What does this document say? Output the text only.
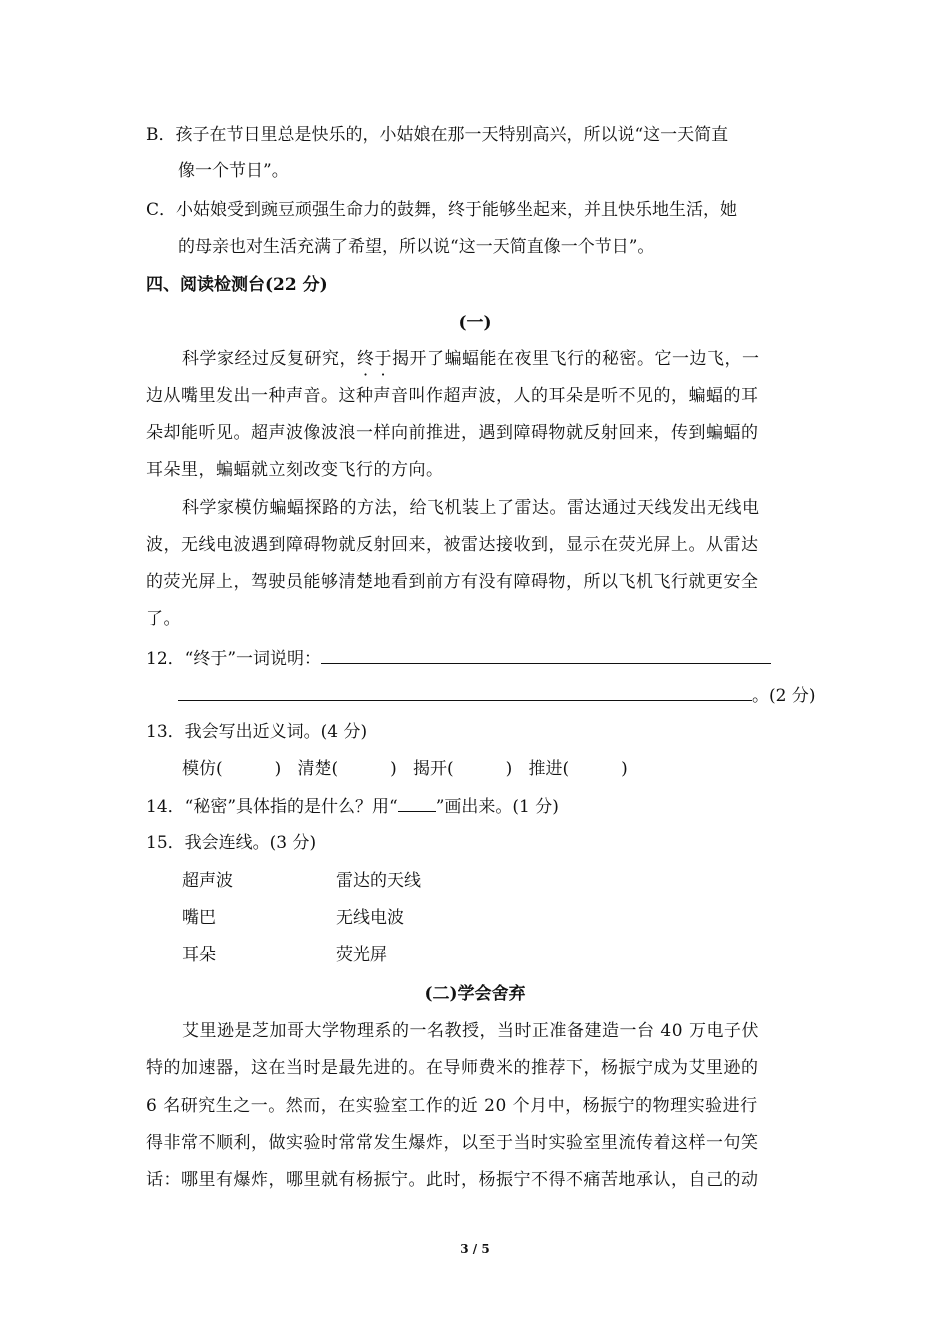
B．孩子在节日里总是快乐的，小姑娘在那一天特别高兴，所以说“这一天简直
像一个节日”。
C．小姑娘受到豌豆顽强生命力的鼓舞，终于能够坐起来，并且快乐地生活，她
的母亲也对生活充满了希望，所以说“这一天简直像一个节日”。
四、阅读检测台(22 分)
(一)
科学家经过反复研究，终于揭开了蝙蝠能在夜里飞行的秘密。它一边飞，一
边从嘴里发出一种声音。这种声音叫作超声波，人的耳朵是听不见的，蝙蝠的耳
朵却能听见。超声波像波浪一样向前推进，遇到障碍物就反射回来，传到蝙蝠的
耳朵里，蝙蝠就立刻改变飞行的方向。
科学家模仿蝙蝠探路的方法，给飞机装上了雷达。雷达通过天线发出无线电
波，无线电波遇到障碍物就反射回来，被雷达接收到，显示在荧光屏上。从雷达
的荧光屏上，驾驶员能够清楚地看到前方有没有障碍物，所以飞机飞行就更安全
了。
12．“终于”一词说明：
。(2 分)
13．我会写出近义词。(4 分)
模仿(	) 清楚(	) 揭开(	) 推进(	)
14．“秘密”具体指的是什么？用“ ”画出来。(1 分)
15．我会连线。(3 分)
超声波	雷达的天线
嘴巴	无线电波
耳朵	荧光屏
(二)学会舍弃
艾里逊是芝加哥大学物理系的一名教授，当时正准备建造一台 40 万电子伏
特的加速器，这在当时是最先进的。在导师费米的推荐下，杨振宁成为艾里逊的
6 名研究生之一。然而，在实验室工作的近 20 个月中，杨振宁的物理实验进行
得非常不顺利，做实验时常常发生爆炸，以至于当时实验室里流传着这样一句笑
话：哪里有爆炸，哪里就有杨振宁。此时，杨振宁不得不痛苦地承认，自己的动
3 / 5
